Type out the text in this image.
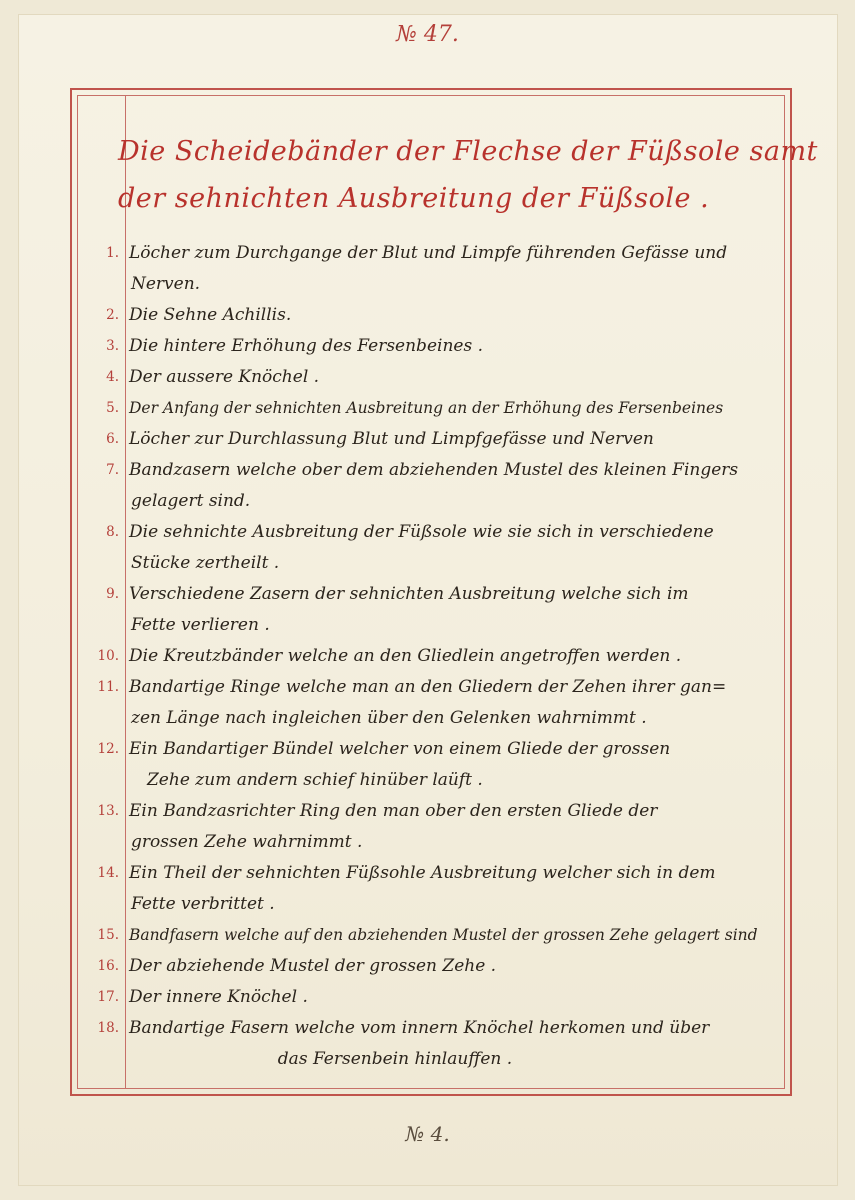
№ 47.
Die Scheidebänder der Flechse der Füßsole samt
der sehnichten Ausbreitung der Füßsole .
1. Löcher zum Durchgange der Blut und Limpfe führenden Gefässe und
Nerven.
2. Die Sehne Achillis.
3. Die hintere Erhöhung des Fersenbeines .
4. Der aussere Knöchel .
5. Der Anfang der sehnichten Ausbreitung an der Erhöhung des Fersenbeines
6. Löcher zur Durchlassung Blut und Limpfgefässe und Nerven
7. Bandzasern welche ober dem abziehenden Mustel des kleinen Fingers
gelagert sind.
8. Die sehnichte Ausbreitung der Füßsole wie sie sich in verschiedene
Stücke zertheilt .
9. Verschiedene Zasern der sehnichten Ausbreitung welche sich im
Fette verlieren .
10. Die Kreutzbänder welche an den Gliedlein angetroffen werden .
11. Bandartige Ringe welche man an den Gliedern der Zehen ihrer gan=
zen Länge nach ingleichen über den Gelenken wahrnimmt .
12. Ein Bandartiger Bündel welcher von einem Gliede der grossen
Zehe zum andern schief hinüber laüft .
13. Ein Bandzasrichter Ring den man ober den ersten Gliede der
grossen Zehe wahrnimmt .
14. Ein Theil der sehnichten Füßsohle Ausbreitung welcher sich in dem
Fette verbrittet .
15. Bandfasern welche auf den abziehenden Mustel der grossen Zehe gelagert sind
16. Der abziehende Mustel der grossen Zehe .
17. Der innere Knöchel .
18. Bandartige Fasern welche vom innern Knöchel herkomen und über
das Fersenbein hinlauffen .
№ 4.
